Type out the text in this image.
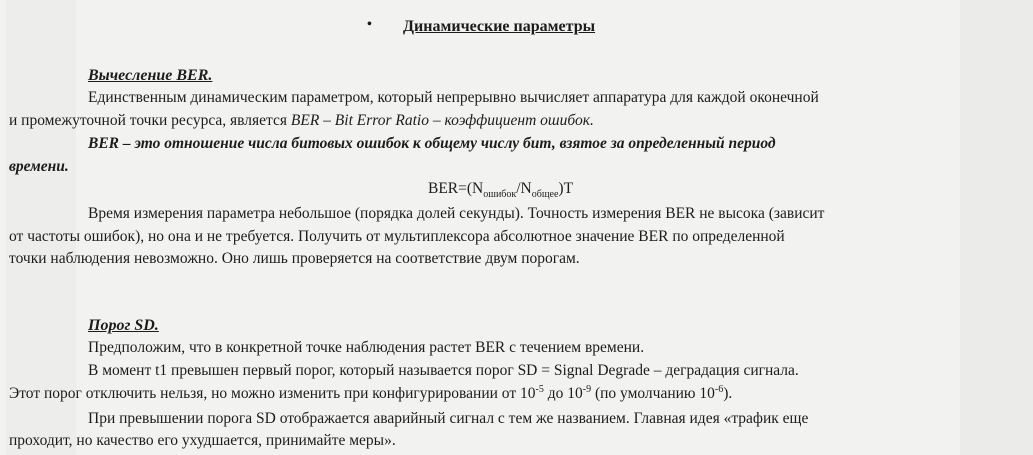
• Динамические параметры
Вычесление BER.
Единственным динамическим параметром, который непрерывно вычисляет аппаратура для каждой оконечной
и промежуточной точки ресурса, является BER – Bit Error Ratio – коэффициент ошибок.
BER – это отношение числа битовых ошибок к общему числу бит, взятое за определенный период
времени.
$BER=(N_{ошибок}/N_{общее})T$
Время измерения параметра небольшое (порядка долей секунды). Точность измерения BER не высока (зависит
от частоты ошибок), но она и не требуется. Получить от мультиплексора абсолютное значение BER по определенной
точки наблюдения невозможно. Оно лишь проверяется на соответствие двум порогам.
Порог SD.
Предположим, что в конкретной точке наблюдения растет BER с течением времени.
В момент t1 превышен первый порог, который называется порог SD = Signal Degrade – деградация сигнала.
Этот порог отключить нельзя, но можно изменить при конфигурировании от $10^{-5}$ до $10^{-9}$ (по умолчанию $10^{-6}$).
При превышении порога SD отображается аварийный сигнал с тем же названием. Главная идея «трафик еще
проходит, но качество его ухудшается, принимайте меры».
